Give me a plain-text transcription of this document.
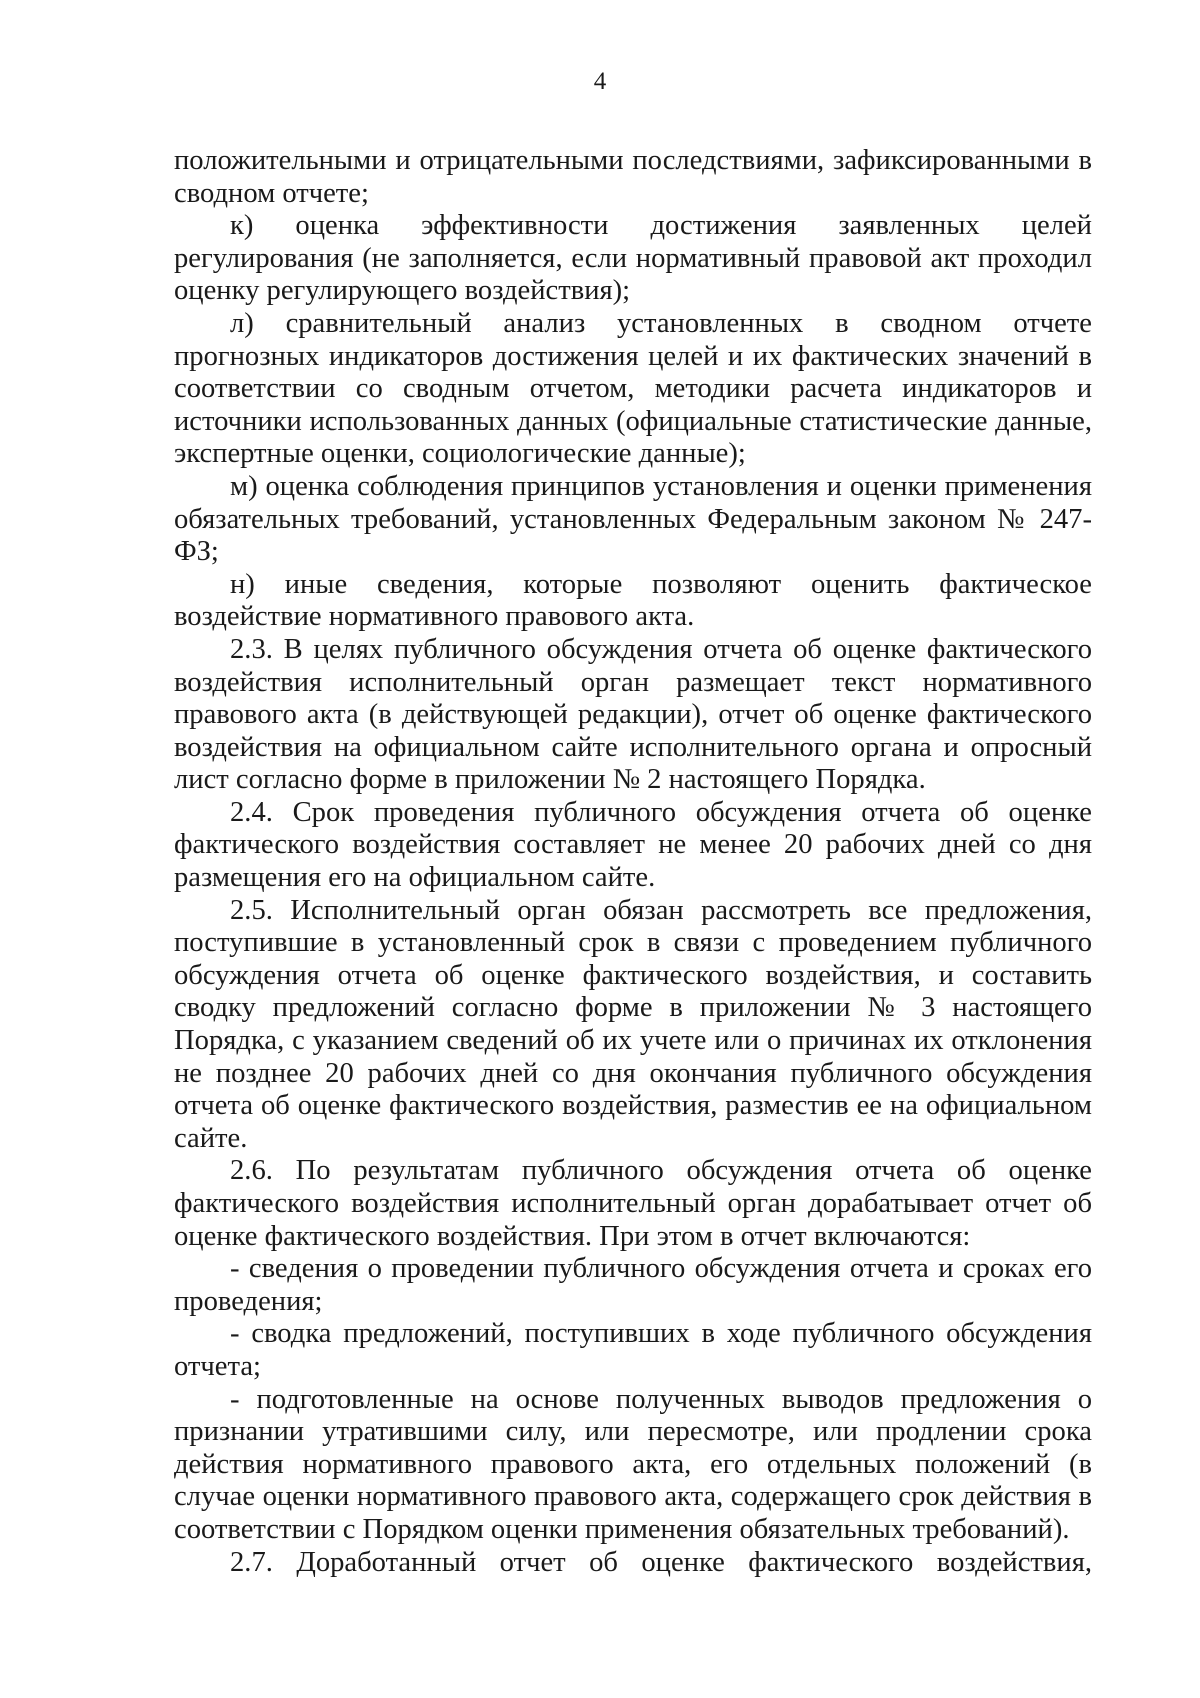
4

положительными и отрицательными последствиями, зафиксированными в сводном отчете;

к) оценка эффективности достижения заявленных целей регулирования (не заполняется, если нормативный правовой акт проходил оценку регулирующего воздействия);

л) сравнительный анализ установленных в сводном отчете прогнозных индикаторов достижения целей и их фактических значений в соответствии со сводным отчетом, методики расчета индикаторов и источники использованных данных (официальные статистические данные, экспертные оценки, социологические данные);

м) оценка соблюдения принципов установления и оценки применения обязательных требований, установленных Федеральным законом № 247-ФЗ;

н) иные сведения, которые позволяют оценить фактическое воздействие нормативного правового акта.

2.3. В целях публичного обсуждения отчета об оценке фактического воздействия исполнительный орган размещает текст нормативного правового акта (в действующей редакции), отчет об оценке фактического воздействия на официальном сайте исполнительного органа и опросный лист согласно форме в приложении № 2 настоящего Порядка.

2.4. Срок проведения публичного обсуждения отчета об оценке фактического воздействия составляет не менее 20 рабочих дней со дня размещения его на официальном сайте.

2.5. Исполнительный орган обязан рассмотреть все предложения, поступившие в установленный срок в связи с проведением публичного обсуждения отчета об оценке фактического воздействия, и составить сводку предложений согласно форме в приложении № 3 настоящего Порядка, с указанием сведений об их учете или о причинах их отклонения не позднее 20 рабочих дней со дня окончания публичного обсуждения отчета об оценке фактического воздействия, разместив ее на официальном сайте.

2.6. По результатам публичного обсуждения отчета об оценке фактического воздействия исполнительный орган дорабатывает отчет об оценке фактического воздействия. При этом в отчет включаются:

- сведения о проведении публичного обсуждения отчета и сроках его проведения;

- сводка предложений, поступивших в ходе публичного обсуждения отчета;

- подготовленные на основе полученных выводов предложения о признании утратившими силу, или пересмотре, или продлении срока действия нормативного правового акта, его отдельных положений (в случае оценки нормативного правового акта, содержащего срок действия в соответствии с Порядком оценки применения обязательных требований).

2.7. Доработанный отчет об оценке фактического воздействия,
